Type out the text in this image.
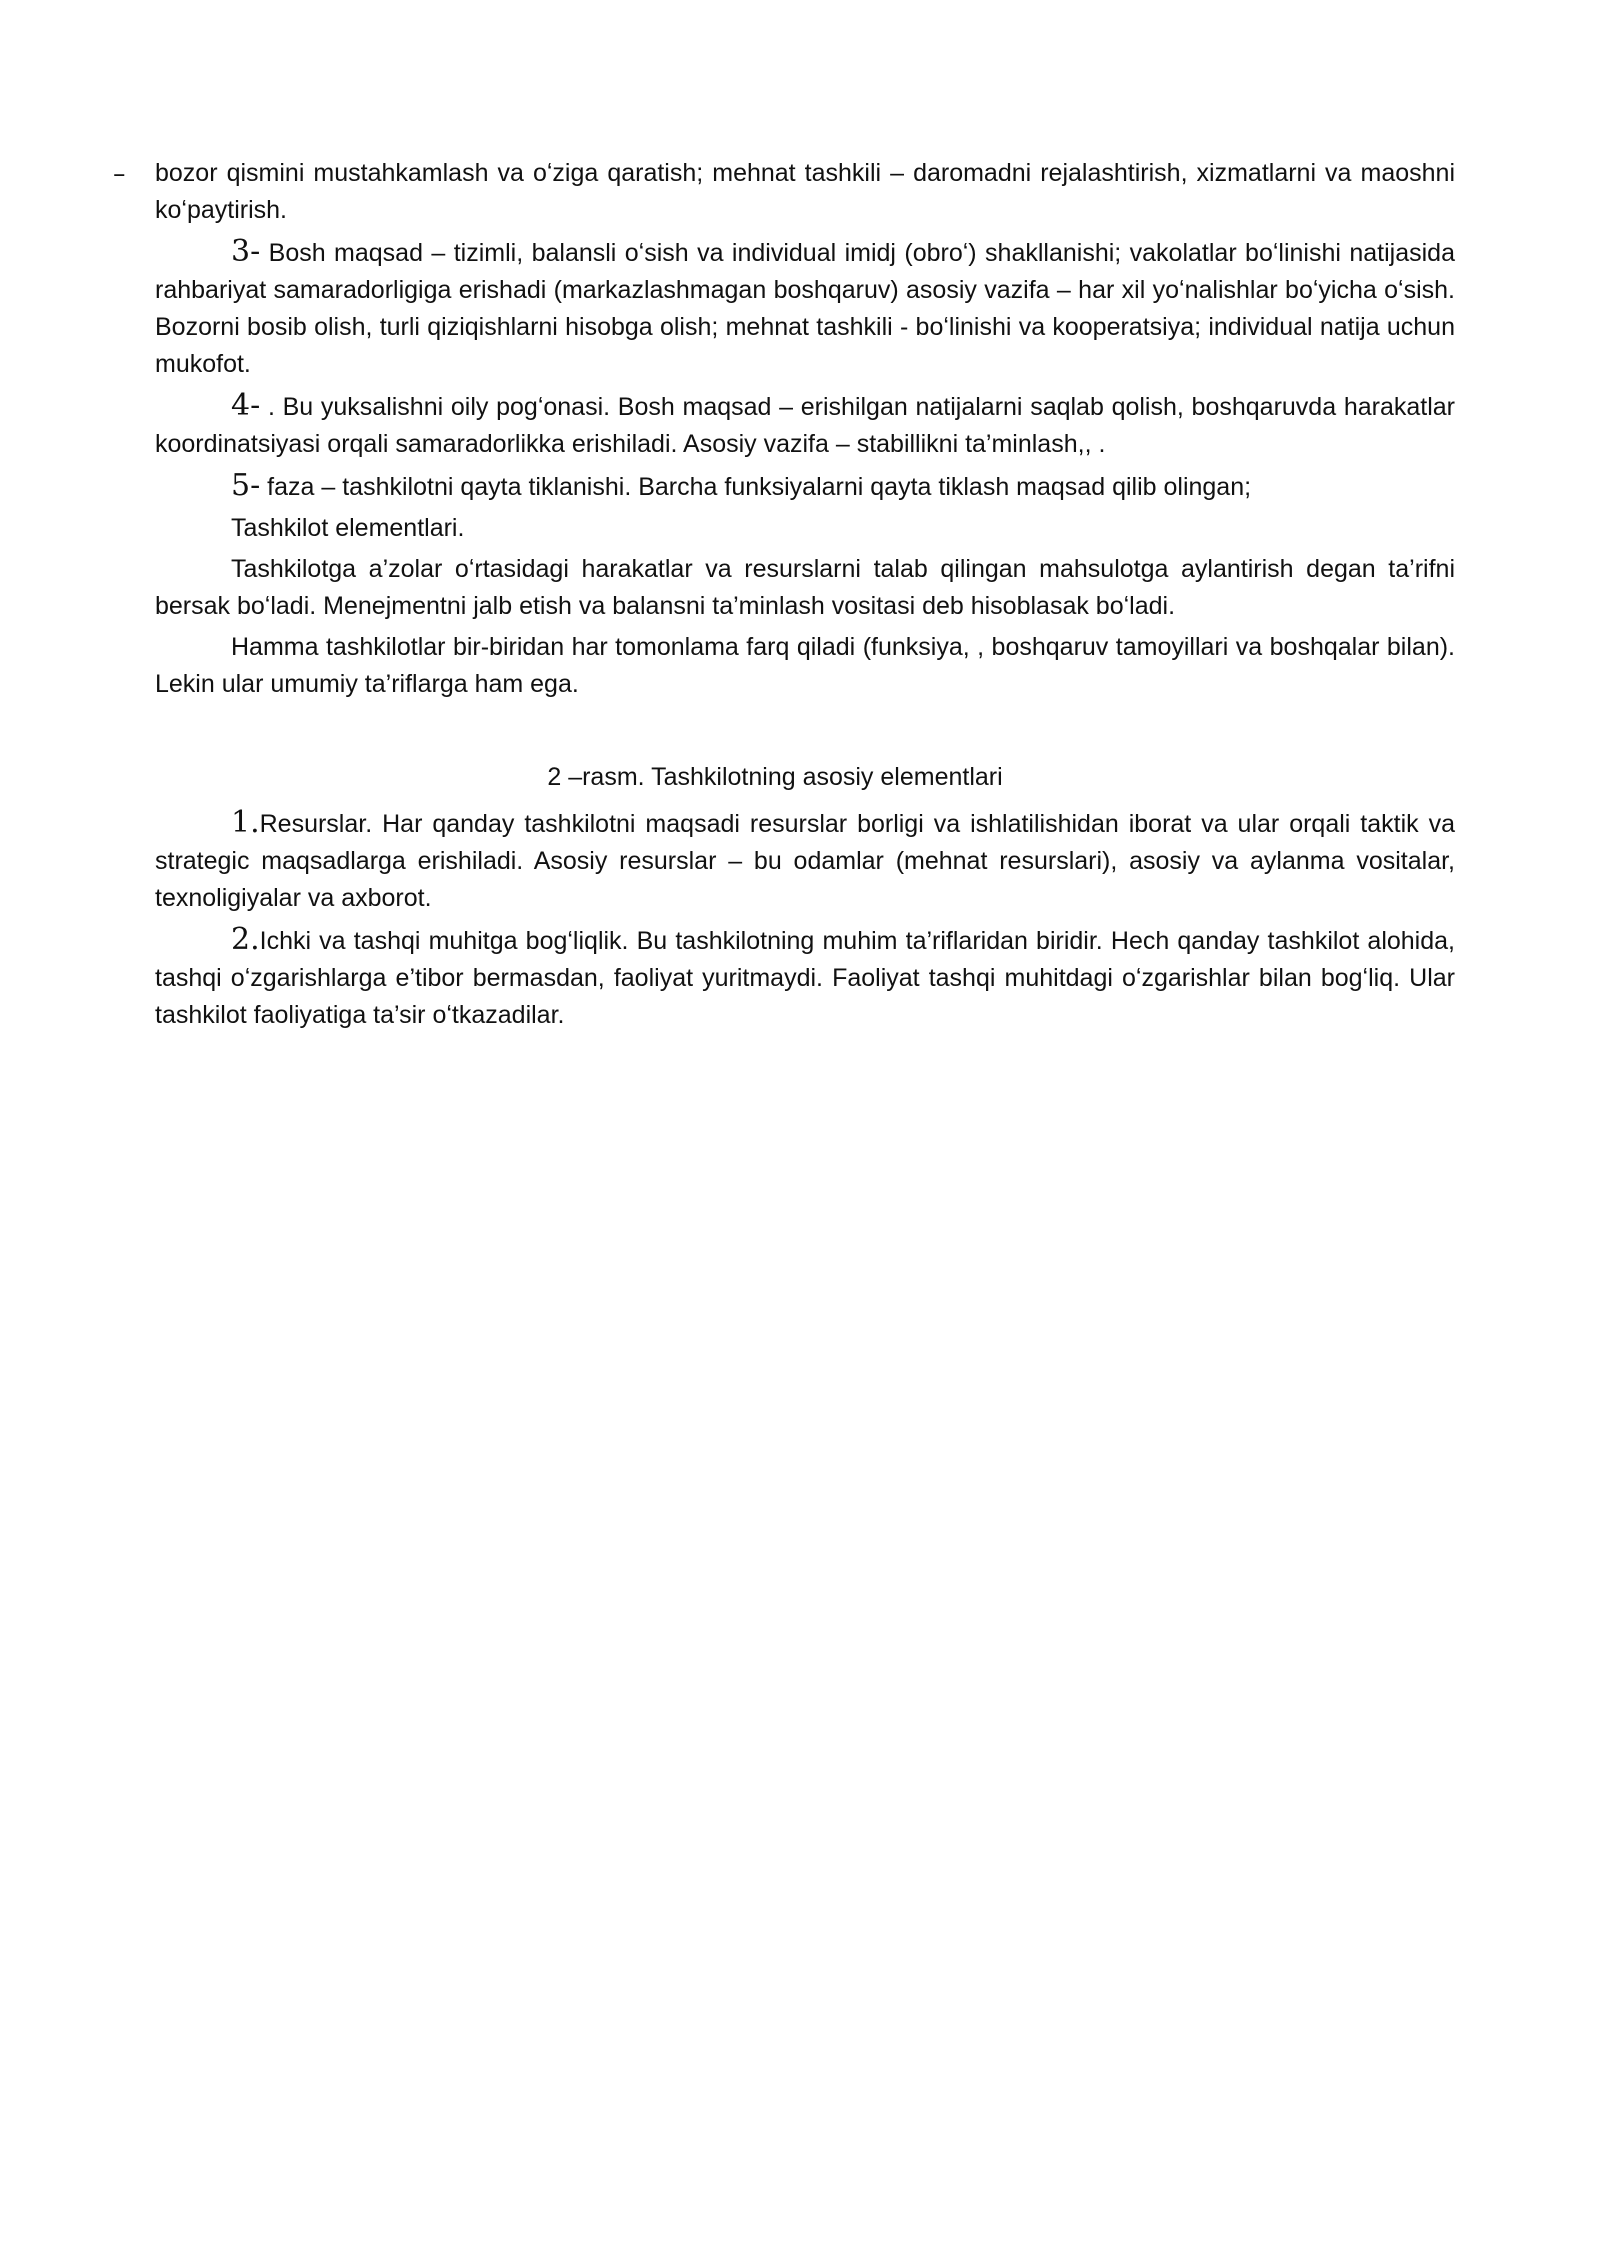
– bozor qismini mustahkamlash va oʻziga qaratish; mehnat tashkili – daromadni rejalashtirish, xizmatlarni va maoshni koʻpaytirish.

3- Bosh maqsad – tizimli, balansli oʻsish va individual imidj (obroʻ) shakllanishi; vakolatlar boʻlinishi natijasida rahbariyat samaradorligiga erishadi (markazlashmagan boshqaruv) asosiy vazifa – har xil yoʻnalishlar boʻyicha oʻsish. Bozorni bosib olish, turli qiziqishlarni hisobga olish; mehnat tashkili - boʻlinishi va kooperatsiya; individual natija uchun mukofot.

4- . Bu yuksalishni oily pogʻonasi. Bosh maqsad – erishilgan natijalarni saqlab qolish, boshqaruvda harakatlar koordinatsiyasi orqali samaradorlikka erishiladi. Asosiy vazifa – stabillikni ta’minlash,, .

5- faza – tashkilotni qayta tiklanishi. Barcha funksiyalarni qayta tiklash maqsad qilib olingan;

Tashkilot elementlari.

Tashkilotga a’zolar oʻrtasidagi harakatlar va resurslarni talab qilingan mahsulotga aylantirish degan ta’rifni bersak boʻladi. Menejmentni jalb etish va balansni ta’minlash vositasi deb hisoblasak boʻladi.

Hamma tashkilotlar bir-biridan har tomonlama farq qiladi (funksiya, , boshqaruv tamoyillari va boshqalar bilan). Lekin ular umumiy ta’riflarga ham ega.

2 –rasm. Tashkilotning asosiy elementlari

1.Resurslar. Har qanday tashkilotni maqsadi resurslar borligi va ishlatilishidan iborat va ular orqali taktik va strategic maqsadlarga erishiladi. Asosiy resurslar – bu odamlar (mehnat resurslari), asosiy va aylanma vositalar, texnoligiyalar va axborot.

2.Ichki va tashqi muhitga bogʻliqlik. Bu tashkilotning muhim ta’riflaridan biridir. Hech qanday tashkilot alohida, tashqi oʻzgarishlarga e’tibor bermasdan, faoliyat yuritmaydi. Faoliyat tashqi muhitdagi oʻzgarishlar bilan bogʻliq. Ular tashkilot faoliyatiga ta’sir oʻtkazadilar.
